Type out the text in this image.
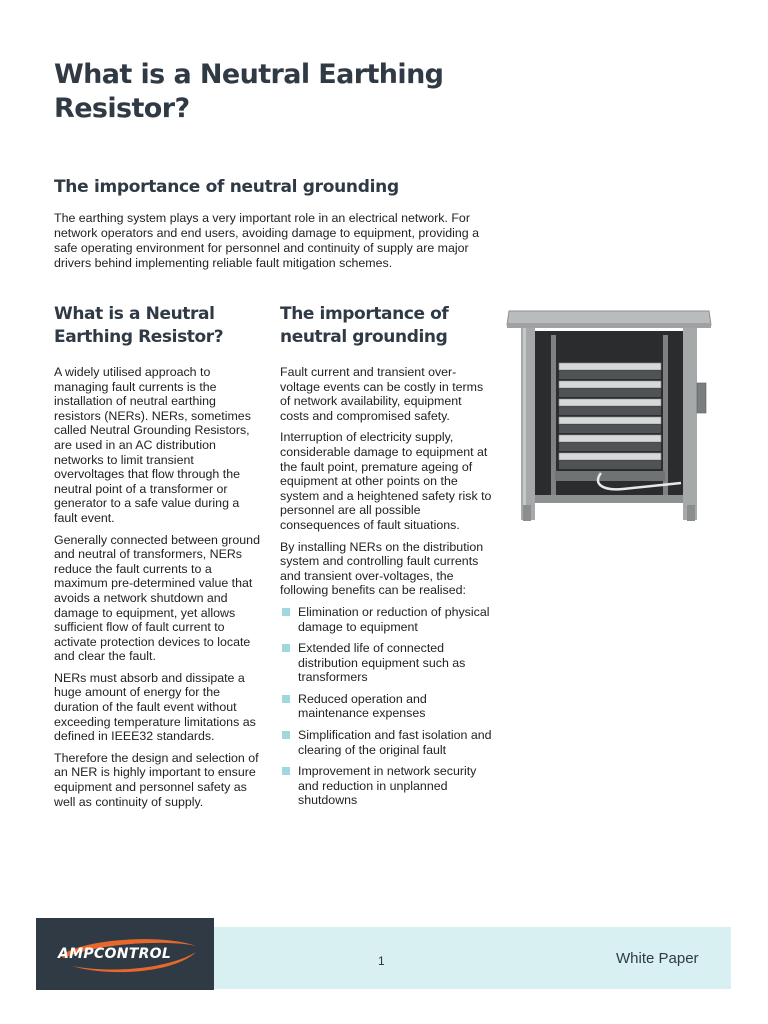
What is a Neutral Earthing Resistor?
The importance of neutral grounding

The earthing system plays a very important role in an electrical network. For network operators and end users, avoiding damage to equipment, providing a safe operating environment for personnel and continuity of supply are major drivers behind implementing reliable fault mitigation schemes.

What is a Neutral Earthing Resistor?

A widely utilised approach to managing fault currents is the installation of neutral earthing resistors (NERs). NERs, sometimes called Neutral Grounding Resistors, are used in an AC distribution networks to limit transient overvoltages that flow through the neutral point of a transformer or generator to a safe value during a fault event.

Generally connected between ground and neutral of transformers, NERs reduce the fault currents to a maximum pre-determined value that avoids a network shutdown and damage to equipment, yet allows sufficient flow of fault current to activate protection devices to locate and clear the fault.

NERs must absorb and dissipate a huge amount of energy for the duration of the fault event without exceeding temperature limitations as defined in IEEE32 standards.

Therefore the design and selection of an NER is highly important to ensure equipment and personnel safety as well as continuity of supply.

The importance of neutral grounding

Fault current and transient over-voltage events can be costly in terms of network availability, equipment costs and compromised safety.

Interruption of electricity supply, considerable damage to equipment at the fault point, premature ageing of equipment at other points on the system and a heightened safety risk to personnel are all possible consequences of fault situations.

By installing NERs on the distribution system and controlling fault currents and transient over-voltages, the following benefits can be realised:

Elimination or reduction of physical damage to equipment
Extended life of connected distribution equipment such as transformers
Reduced operation and maintenance expenses
Simplification and fast isolation and clearing of the original fault
Improvement in network security and reduction in unplanned shutdowns
AMPCONTROL	1	White Paper
